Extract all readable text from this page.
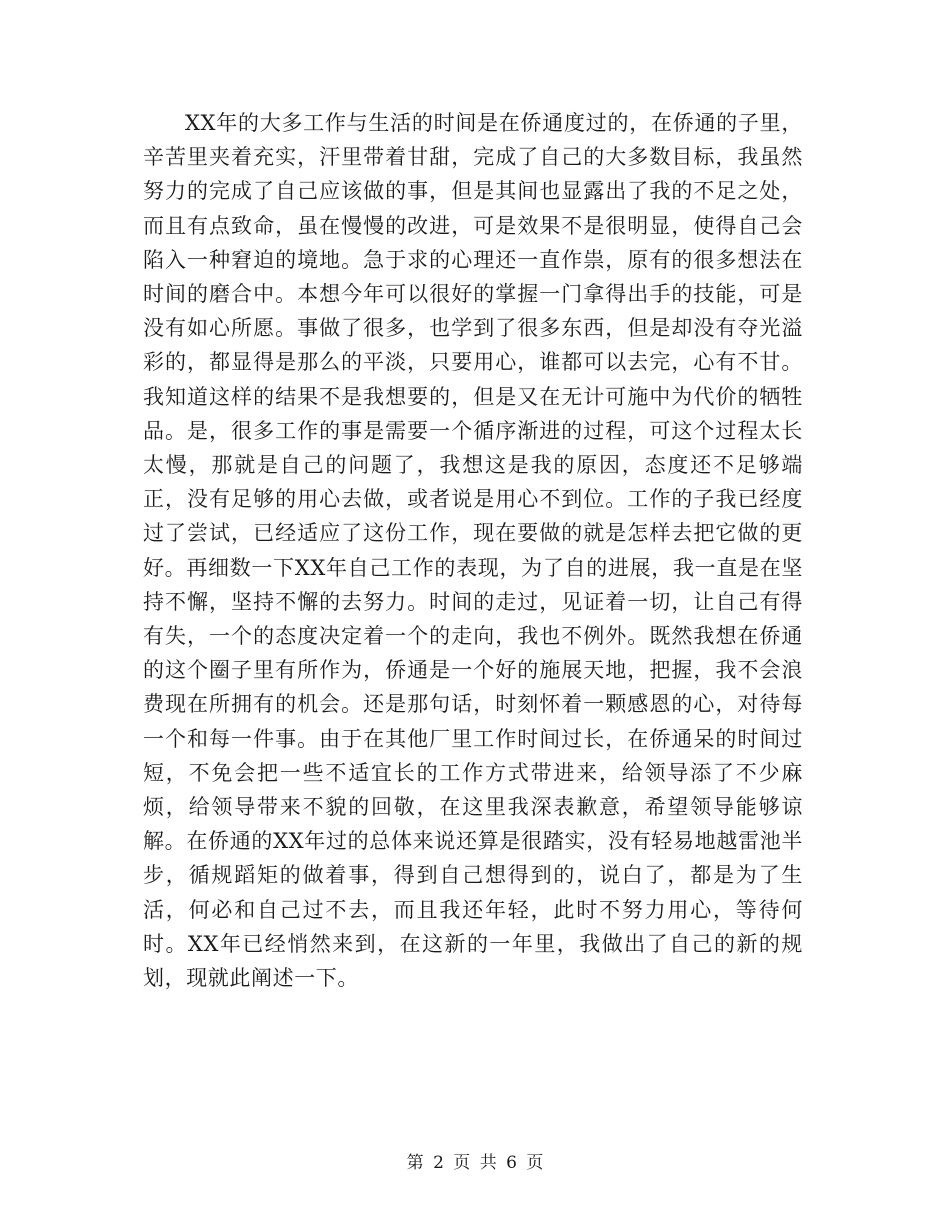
XX年的大多工作与生活的时间是在侨通度过的，在侨通的子里，辛苦里夹着充实，汗里带着甘甜，完成了自己的大多数目标，我虽然努力的完成了自己应该做的事，但是其间也显露出了我的不足之处，而且有点致命，虽在慢慢的改进，可是效果不是很明显，使得自己会陷入一种窘迫的境地。急于求的心理还一直作祟，原有的很多想法在时间的磨合中。本想今年可以很好的掌握一门拿得出手的技能，可是没有如心所愿。事做了很多，也学到了很多东西，但是却没有夺光溢彩的，都显得是那么的平淡，只要用心，谁都可以去完，心有不甘。我知道这样的结果不是我想要的，但是又在无计可施中为代价的牺牲品。是，很多工作的事是需要一个循序渐进的过程，可这个过程太长太慢，那就是自己的问题了，我想这是我的原因，态度还不足够端正，没有足够的用心去做，或者说是用心不到位。工作的子我已经度过了尝试，已经适应了这份工作，现在要做的就是怎样去把它做的更好。再细数一下XX年自己工作的表现，为了自的进展，我一直是在坚持不懈，坚持不懈的去努力。时间的走过，见证着一切，让自己有得有失，一个的态度决定着一个的走向，我也不例外。既然我想在侨通的这个圈子里有所作为，侨通是一个好的施展天地，把握，我不会浪费现在所拥有的机会。还是那句话，时刻怀着一颗感恩的心，对待每一个和每一件事。由于在其他厂里工作时间过长，在侨通呆的时间过短，不免会把一些不适宜长的工作方式带进来，给领导添了不少麻烦，给领导带来不貌的回敬，在这里我深表歉意，希望领导能够谅解。在侨通的XX年过的总体来说还算是很踏实，没有轻易地越雷池半步，循规蹈矩的做着事，得到自己想得到的，说白了，都是为了生活，何必和自己过不去，而且我还年轻，此时不努力用心，等待何时。XX年已经悄然来到，在这新的一年里，我做出了自己的新的规划，现就此阐述一下。

第 2 页 共 6 页
